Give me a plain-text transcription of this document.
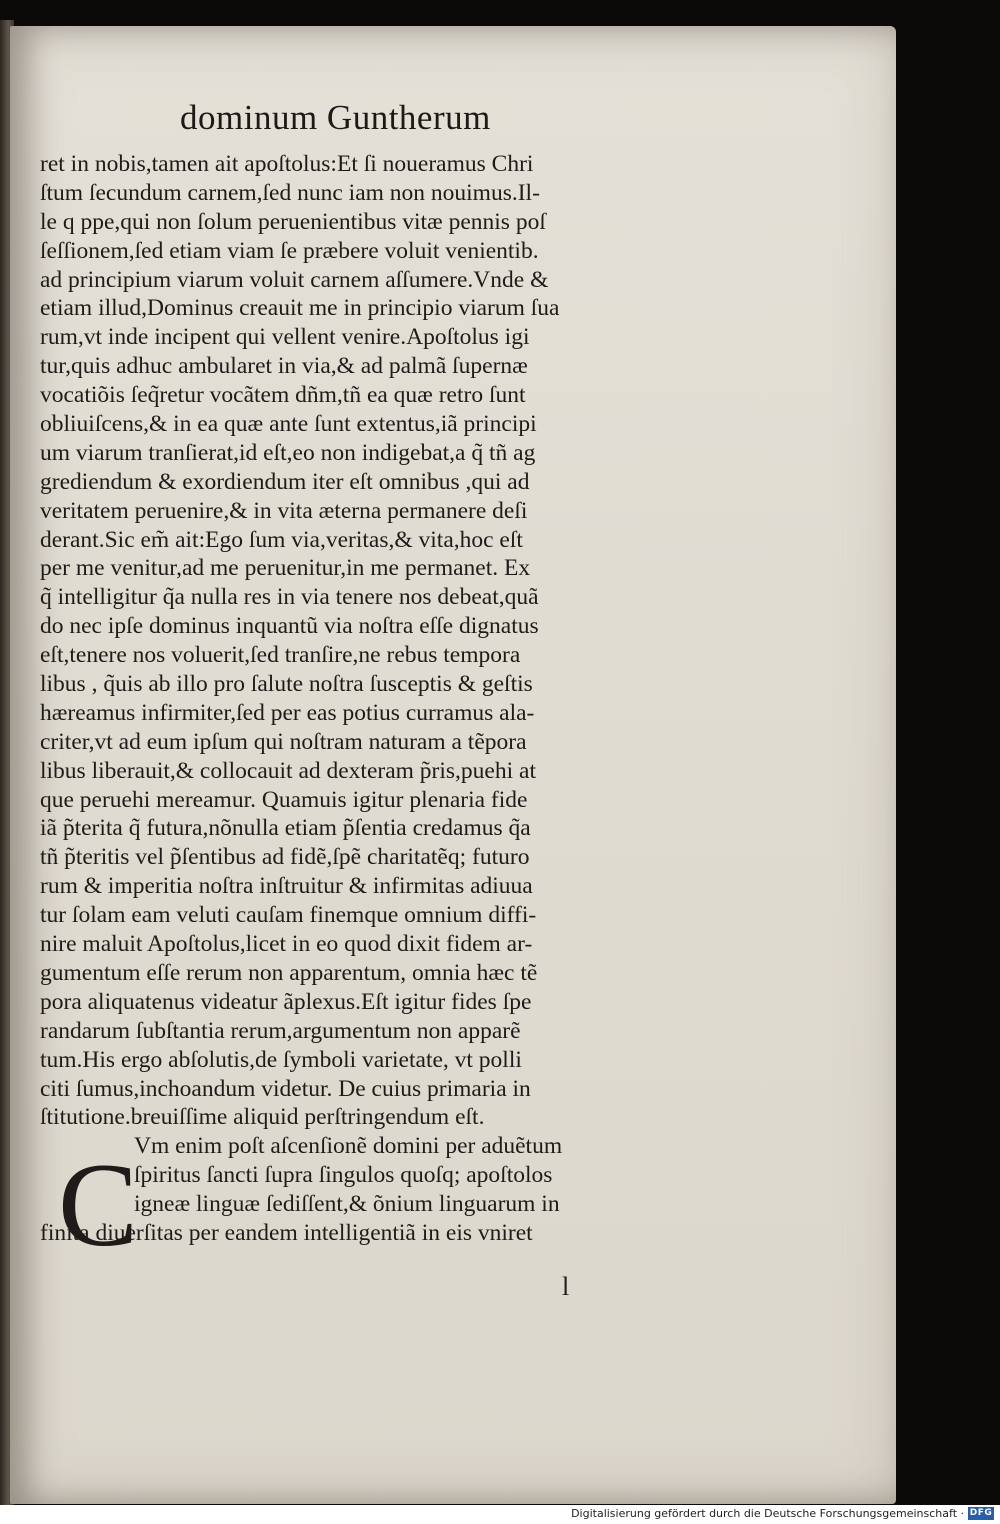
dominum Guntherum
ret in nobis,tamen ait apoſtolus:Et ſi noueramus Chri
ſtum ſecundum carnem,ſed nunc iam non nouimus.Il-
le q ppe,qui non ſolum peruenientibus vitæ pennis poſ
ſeſſionem,ſed etiam viam ſe præbere voluit venientib.
ad principium viarum voluit carnem aſſumere.Vnde &
etiam illud,Dominus creauit me in principio viarum ſua
rum,vt inde incipent qui vellent venire.Apoſtolus igi
tur,quis adhuc ambularet in via,& ad palmã ſupernæ
vocatiõis ſeq̃retur vocãtem dñm,tñ ea quæ retro ſunt
obliuiſcens,& in ea quæ ante ſunt extentus,iã principi
um viarum tranſierat,id eſt,eo non indigebat,a q̃ tñ ag
grediendum & exordiendum iter eſt omnibus ,qui ad
veritatem peruenire,& in vita æterna permanere deſi
derant.Sic em̃ ait:Ego ſum via,veritas,& vita,hoc eſt
per me venitur,ad me peruenitur,in me permanet. Ex
q̃ intelligitur q̃a nulla res in via tenere nos debeat,quã
do nec ipſe dominus inquantũ via noſtra eſſe dignatus
eſt,tenere nos voluerit,ſed tranſire,ne rebus tempora
libus , q̃uis ab illo pro ſalute noſtra ſusceptis & geſtis
hæreamus infirmiter,ſed per eas potius curramus ala-
criter,vt ad eum ipſum qui noſtram naturam a tẽpora
libus liberauit,& collocauit ad dexteram p̃ris,puehi at
que peruehi mereamur. Quamuis igitur plenaria fide
iã p̃terita q̃ futura,nõnulla etiam p̃ſentia credamus q̃a
tñ p̃teritis vel p̃ſentibus ad fidẽ,ſpẽ charitatẽq; futuro
rum & imperitia noſtra inſtruitur & infirmitas adiuua
tur ſolam eam veluti cauſam finemque omnium diffi-
nire maluit Apoſtolus,licet in eo quod dixit fidem ar-
gumentum eſſe rerum non apparentum, omnia hæc tẽ
pora aliquatenus videatur ãplexus.Eſt igitur fides ſpe
randarum ſubſtantia rerum,argumentum non apparẽ
tum.His ergo abſolutis,de ſymboli varietate, vt polli
citi ſumus,inchoandum videtur. De cuius primaria in
ſtitutione.breuiſſime aliquid perſtringendum eſt.
Vm enim poſt aſcenſionẽ domini per aduẽtum
ſpiritus ſancti ſupra ſingulos quoſq; apoſtolos
igneæ linguæ ſediſſent,& õnium linguarum in
finita diuerſitas per eandem intelligentiã in eis vniret
C
l
Digitalisierung gefördert durch die Deutsche Forschungsgemeinschaft · DFG
